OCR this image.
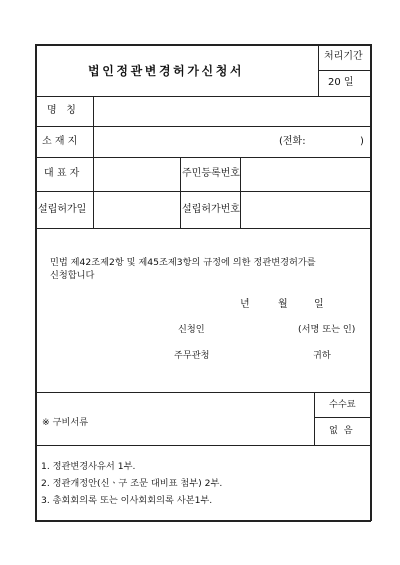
법인정관변경허가신청서
처리기간
20 일
명   칭
소 재 지	(전화:	)
대 표 자	주민등록번호
설립허가일	설립허가번호
민법 제42조제2항 및 제45조제3항의 규정에 의한 정관변경허가를
신청합니다
년	월	일
신청인	(서명 또는 인)
주무관청	귀하
※ 구비서류
수수료
없  음
1. 정관변경사유서 1부.
2. 정관개정안(신ㆍ구 조문 대비표 첨부) 2부.
3. 총회회의록 또는 이사회회의록 사본1부.
